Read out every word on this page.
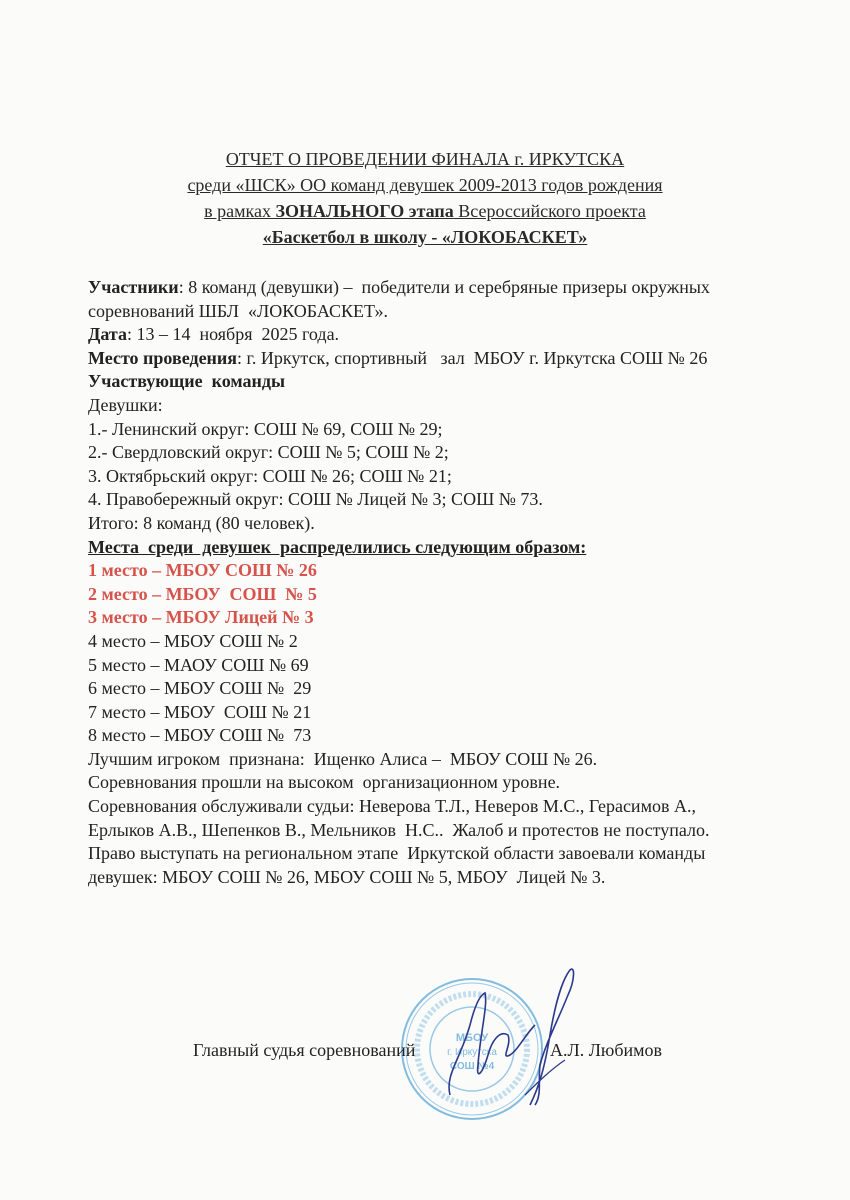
ОТЧЕТ О ПРОВЕДЕНИИ ФИНАЛА г. ИРКУТСКА
среди «ШСК» ОО команд девушек 2009-2013 годов рождения
в рамках ЗОНАЛЬНОГО этапа Всероссийского проекта
«Баскетбол в школу - «ЛОКОБАСКЕТ»
Участники: 8 команд (девушки) –  победители и серебряные призеры окружных
соревнований ШБЛ  «ЛОКОБАСКЕТ».
Дата: 13 – 14  ноября  2025 года.
Место проведения: г. Иркутск, спортивный   зал  МБОУ г. Иркутска СОШ № 26
Участвующие  команды
Девушки:
1.- Ленинский округ: СОШ № 69, СОШ № 29;
2.- Свердловский округ: СОШ № 5; СОШ № 2;
3. Октябрьский округ: СОШ № 26; СОШ № 21;
4. Правобережный округ: СОШ № Лицей № 3; СОШ № 73.
Итого: 8 команд (80 человек).
Места  среди  девушек  распределились следующим образом:
1 место – МБОУ СОШ № 26
2 место – МБОУ  СОШ  № 5
3 место – МБОУ Лицей № 3
4 место – МБОУ СОШ № 2
5 место – МАОУ СОШ № 69
6 место – МБОУ СОШ №  29
7 место – МБОУ  СОШ № 21
8 место – МБОУ СОШ №  73
Лучшим игроком  признана:  Ищенко Алиса –  МБОУ СОШ № 26.
Соревнования прошли на высоком  организационном уровне.
Соревнования обслуживали судьи: Неверова Т.Л., Неверов М.С., Герасимов А.,
Ерлыков А.В., Шепенков В., Мельников  Н.С..  Жалоб и протестов не поступало.
Право выступать на региональном этапе  Иркутской области завоевали команды
девушек: МБОУ СОШ № 26, МБОУ СОШ № 5, МБОУ  Лицей № 3.
МБОУ
г. Иркутска
СОШ №4
Главный судья соревнований	А.Л. Любимов
